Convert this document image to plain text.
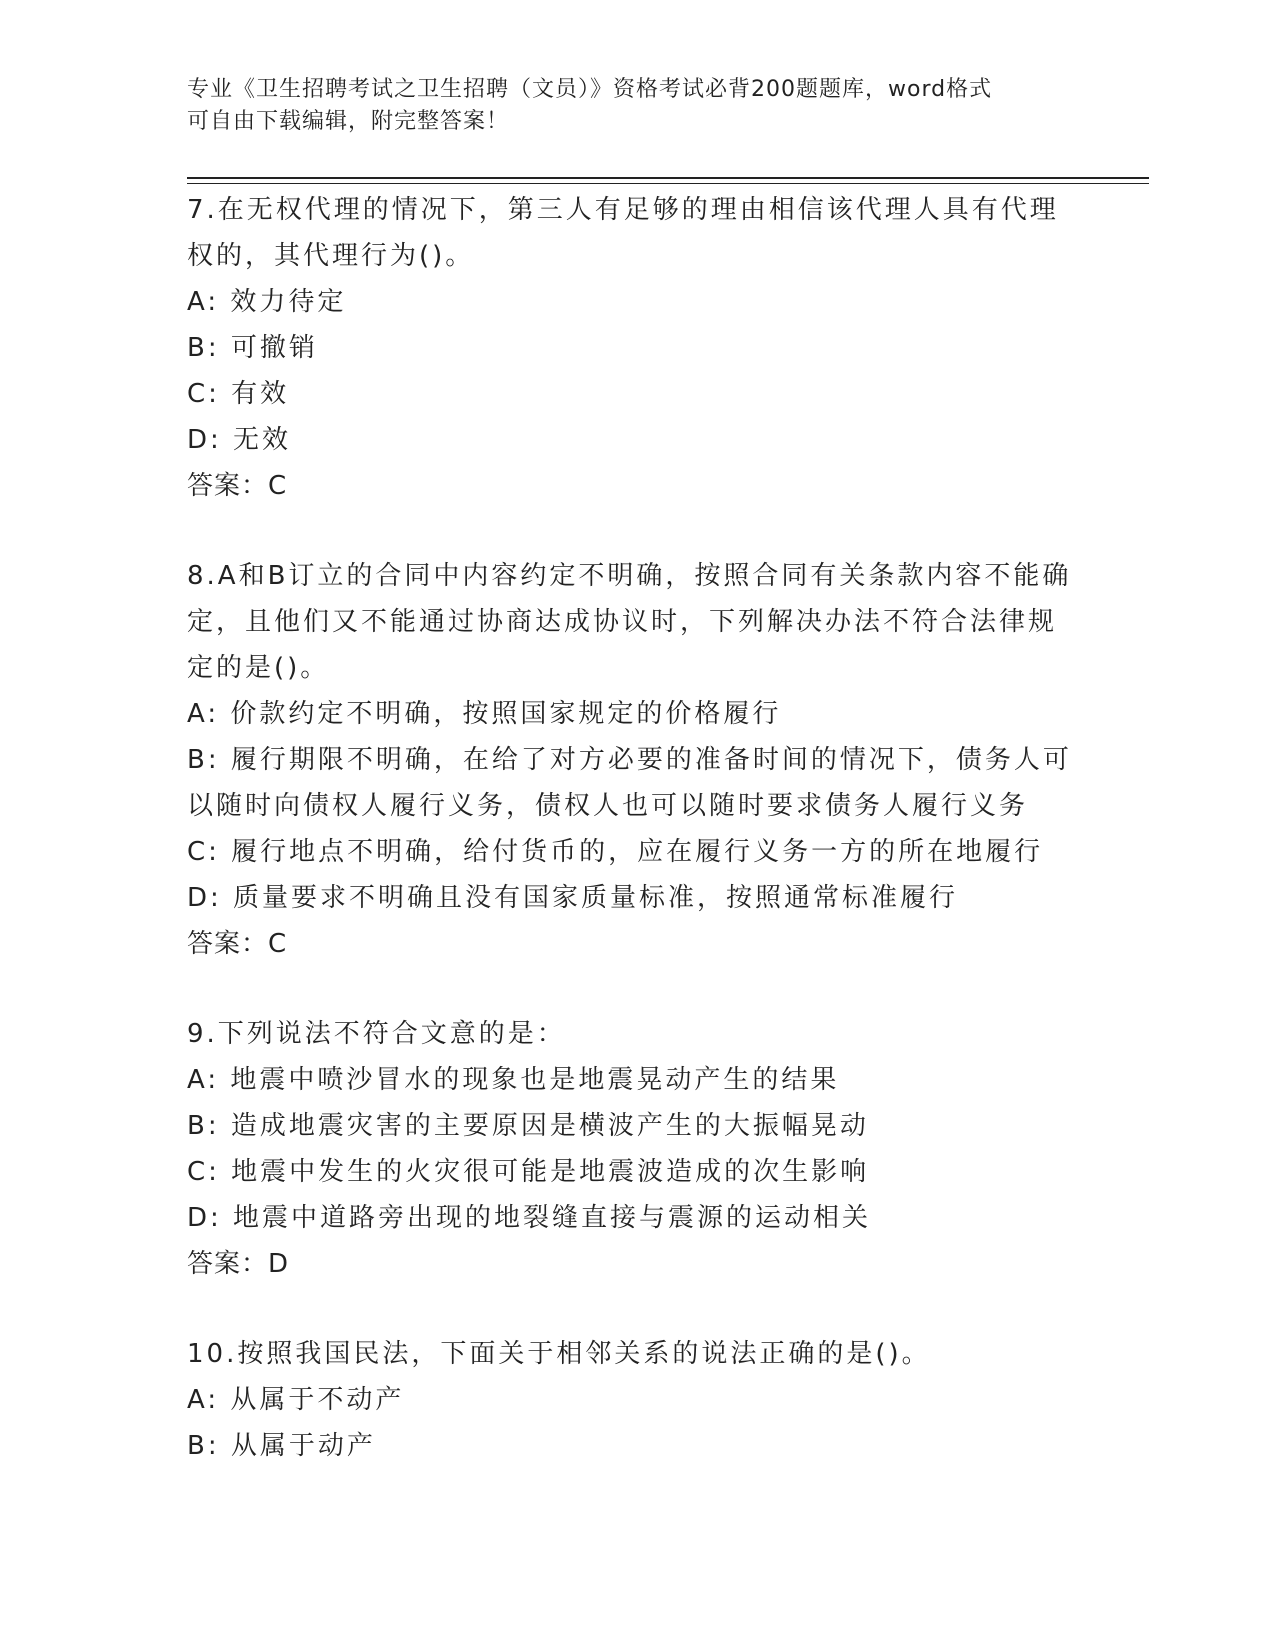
专业《卫生招聘考试之卫生招聘（文员）》资格考试必背200题题库，word格式
可自由下载编辑，附完整答案！
7.在无权代理的情况下，第三人有足够的理由相信该代理人具有代理
权的，其代理行为()。
A: 效力待定
B: 可撤销
C: 有效
D: 无效
答案：C
8.A和B订立的合同中内容约定不明确，按照合同有关条款内容不能确
定，且他们又不能通过协商达成协议时，下列解决办法不符合法律规
定的是()。
A: 价款约定不明确，按照国家规定的价格履行
B: 履行期限不明确，在给了对方必要的准备时间的情况下，债务人可
以随时向债权人履行义务，债权人也可以随时要求债务人履行义务
C: 履行地点不明确，给付货币的，应在履行义务一方的所在地履行
D: 质量要求不明确且没有国家质量标准，按照通常标准履行
答案：C
9.下列说法不符合文意的是：
A: 地震中喷沙冒水的现象也是地震晃动产生的结果
B: 造成地震灾害的主要原因是横波产生的大振幅晃动
C: 地震中发生的火灾很可能是地震波造成的次生影响
D: 地震中道路旁出现的地裂缝直接与震源的运动相关
答案：D
10.按照我国民法，下面关于相邻关系的说法正确的是()。
A: 从属于不动产
B: 从属于动产
